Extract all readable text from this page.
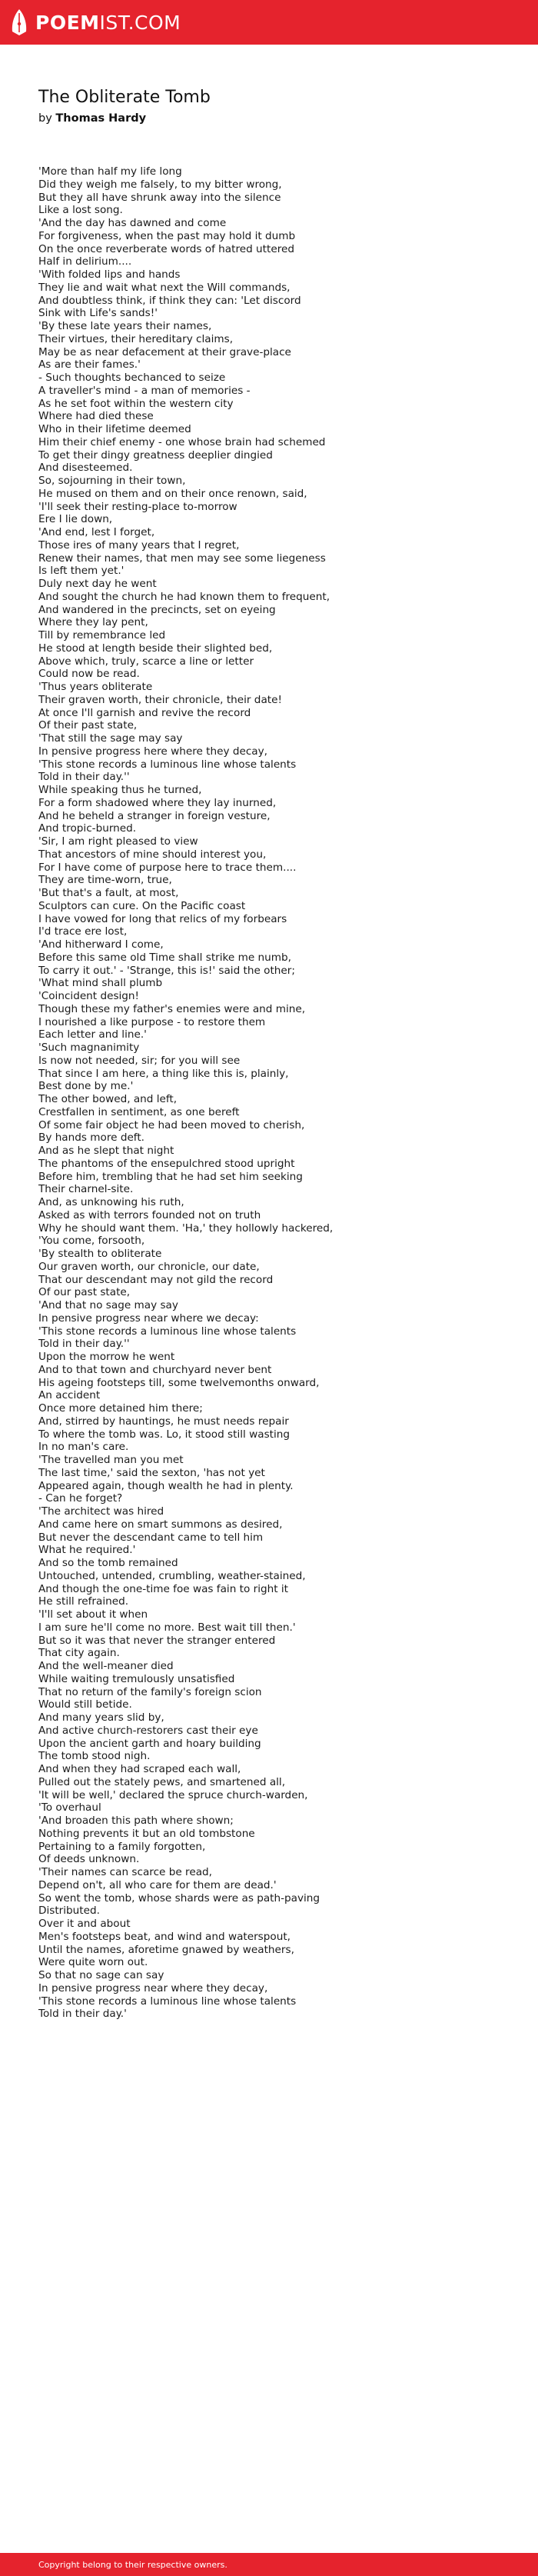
POEMIST.COM
The Obliterate Tomb
by Thomas Hardy
'More than half my life long
Did they weigh me falsely, to my bitter wrong,
But they all have shrunk away into the silence
Like a lost song.
'And the day has dawned and come
For forgiveness, when the past may hold it dumb
On the once reverberate words of hatred uttered
Half in delirium....
'With folded lips and hands
They lie and wait what next the Will commands,
And doubtless think, if think they can: 'Let discord
Sink with Life's sands!'
'By these late years their names,
Their virtues, their hereditary claims,
May be as near defacement at their grave-place
As are their fames.'
- Such thoughts bechanced to seize
A traveller's mind - a man of memories -
As he set foot within the western city
Where had died these
Who in their lifetime deemed
Him their chief enemy - one whose brain had schemed
To get their dingy greatness deeplier dingied
And disesteemed.
So, sojourning in their town,
He mused on them and on their once renown, said,
'I'll seek their resting-place to-morrow
Ere I lie down,
'And end, lest I forget,
Those ires of many years that I regret,
Renew their names, that men may see some liegeness
Is left them yet.'
Duly next day he went
And sought the church he had known them to frequent,
And wandered in the precincts, set on eyeing
Where they lay pent,
Till by remembrance led
He stood at length beside their slighted bed,
Above which, truly, scarce a line or letter
Could now be read.
'Thus years obliterate
Their graven worth, their chronicle, their date!
At once I'll garnish and revive the record
Of their past state,
'That still the sage may say
In pensive progress here where they decay,
'This stone records a luminous line whose talents
Told in their day.''
While speaking thus he turned,
For a form shadowed where they lay inurned,
And he beheld a stranger in foreign vesture,
And tropic-burned.
'Sir, I am right pleased to view
That ancestors of mine should interest you,
For I have come of purpose here to trace them....
They are time-worn, true,
'But that's a fault, at most,
Sculptors can cure. On the Pacific coast
I have vowed for long that relics of my forbears
I'd trace ere lost,
'And hitherward I come,
Before this same old Time shall strike me numb,
To carry it out.' - 'Strange, this is!' said the other;
'What mind shall plumb
'Coincident design!
Though these my father's enemies were and mine,
I nourished a like purpose - to restore them
Each letter and line.'
'Such magnanimity
Is now not needed, sir; for you will see
That since I am here, a thing like this is, plainly,
Best done by me.'
The other bowed, and left,
Crestfallen in sentiment, as one bereft
Of some fair object he had been moved to cherish,
By hands more deft.
And as he slept that night
The phantoms of the ensepulchred stood upright
Before him, trembling that he had set him seeking
Their charnel-site.
And, as unknowing his ruth,
Asked as with terrors founded not on truth
Why he should want them. 'Ha,' they hollowly hackered,
'You come, forsooth,
'By stealth to obliterate
Our graven worth, our chronicle, our date,
That our descendant may not gild the record
Of our past state,
'And that no sage may say
In pensive progress near where we decay:
'This stone records a luminous line whose talents
Told in their day.''
Upon the morrow he went
And to that town and churchyard never bent
His ageing footsteps till, some twelvemonths onward,
An accident
Once more detained him there;
And, stirred by hauntings, he must needs repair
To where the tomb was. Lo, it stood still wasting
In no man's care.
'The travelled man you met
The last time,' said the sexton, 'has not yet
Appeared again, though wealth he had in plenty.
- Can he forget?
'The architect was hired
And came here on smart summons as desired,
But never the descendant came to tell him
What he required.'
And so the tomb remained
Untouched, untended, crumbling, weather-stained,
And though the one-time foe was fain to right it
He still refrained.
'I'll set about it when
I am sure he'll come no more. Best wait till then.'
But so it was that never the stranger entered
That city again.
And the well-meaner died
While waiting tremulously unsatisfied
That no return of the family's foreign scion
Would still betide.
And many years slid by,
And active church-restorers cast their eye
Upon the ancient garth and hoary building
The tomb stood nigh.
And when they had scraped each wall,
Pulled out the stately pews, and smartened all,
'It will be well,' declared the spruce church-warden,
'To overhaul
'And broaden this path where shown;
Nothing prevents it but an old tombstone
Pertaining to a family forgotten,
Of deeds unknown.
'Their names can scarce be read,
Depend on't, all who care for them are dead.'
So went the tomb, whose shards were as path-paving
Distributed.
Over it and about
Men's footsteps beat, and wind and waterspout,
Until the names, aforetime gnawed by weathers,
Were quite worn out.
So that no sage can say
In pensive progress near where they decay,
'This stone records a luminous line whose talents
Told in their day.'
Copyright belong to their respective owners.
